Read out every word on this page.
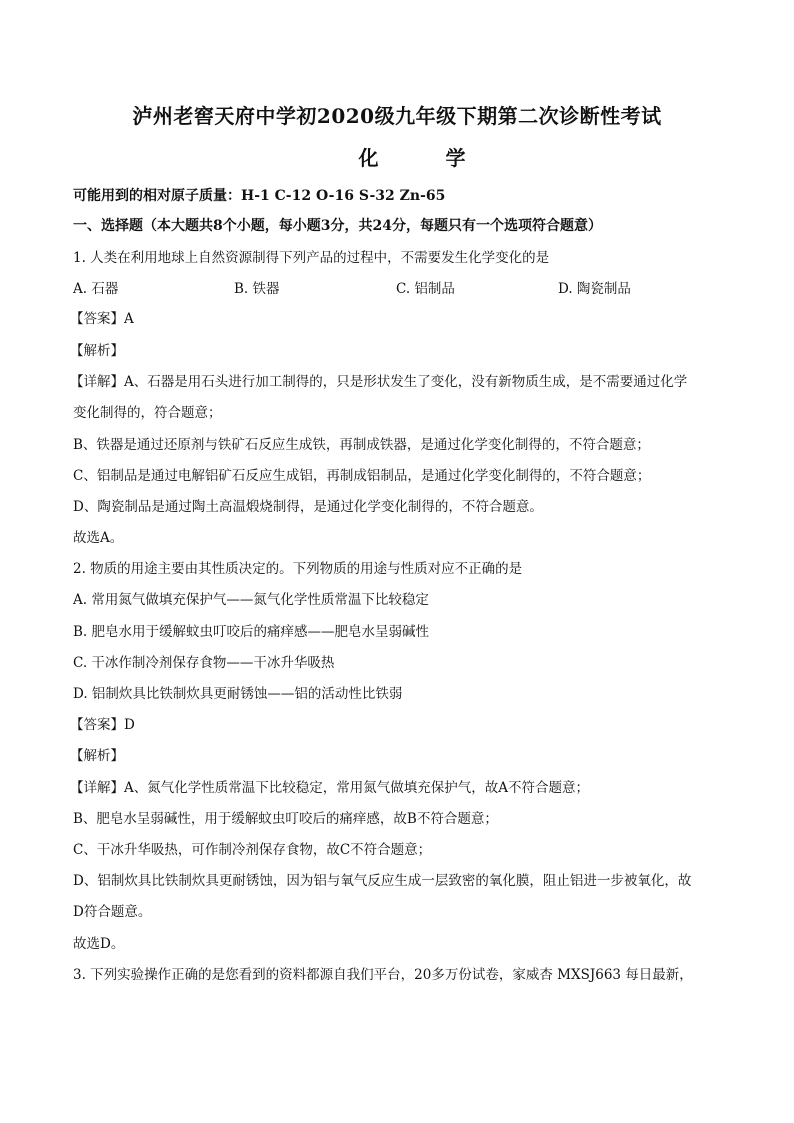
泸州老窖天府中学初2020级九年级下期第二次诊断性考试
化 学
可能用到的相对原子质量：H-1 C-12 O-16 S-32 Zn-65
一、选择题（本大题共8个小题，每小题3分，共24分，每题只有一个选项符合题意）
1. 人类在利用地球上自然资源制得下列产品的过程中，不需要发生化学变化的是
A. 石器	B. 铁器	C. 铝制品	D. 陶瓷制品
【答案】A
【解析】
【详解】A、石器是用石头进行加工制得的，只是形状发生了变化，没有新物质生成，是不需要通过化学
变化制得的，符合题意；
B、铁器是通过还原剂与铁矿石反应生成铁，再制成铁器，是通过化学变化制得的，不符合题意；
C、铝制品是通过电解铝矿石反应生成铝，再制成铝制品，是通过化学变化制得的，不符合题意；
D、陶瓷制品是通过陶土高温煅烧制得，是通过化学变化制得的，不符合题意。
故选A。
2. 物质的用途主要由其性质决定的。下列物质的用途与性质对应不正确的是
A. 常用氮气做填充保护气——氮气化学性质常温下比较稳定
B. 肥皂水用于缓解蚊虫叮咬后的痛痒感——肥皂水呈弱碱性
C. 干冰作制冷剂保存食物——干冰升华吸热
D. 铝制炊具比铁制炊具更耐锈蚀——铝的活动性比铁弱
【答案】D
【解析】
【详解】A、氮气化学性质常温下比较稳定，常用氮气做填充保护气，故A不符合题意；
B、肥皂水呈弱碱性，用于缓解蚊虫叮咬后的痛痒感，故B不符合题意；
C、干冰升华吸热，可作制冷剂保存食物，故C不符合题意；
D、铝制炊具比铁制炊具更耐锈蚀，因为铝与氧气反应生成一层致密的氧化膜，阻止铝进一步被氧化，故
D符合题意。
故选D。
3. 下列实验操作正确的是您看到的资料都源自我们平台，20多万份试卷，家威杏 MXSJ663 每日最新，
